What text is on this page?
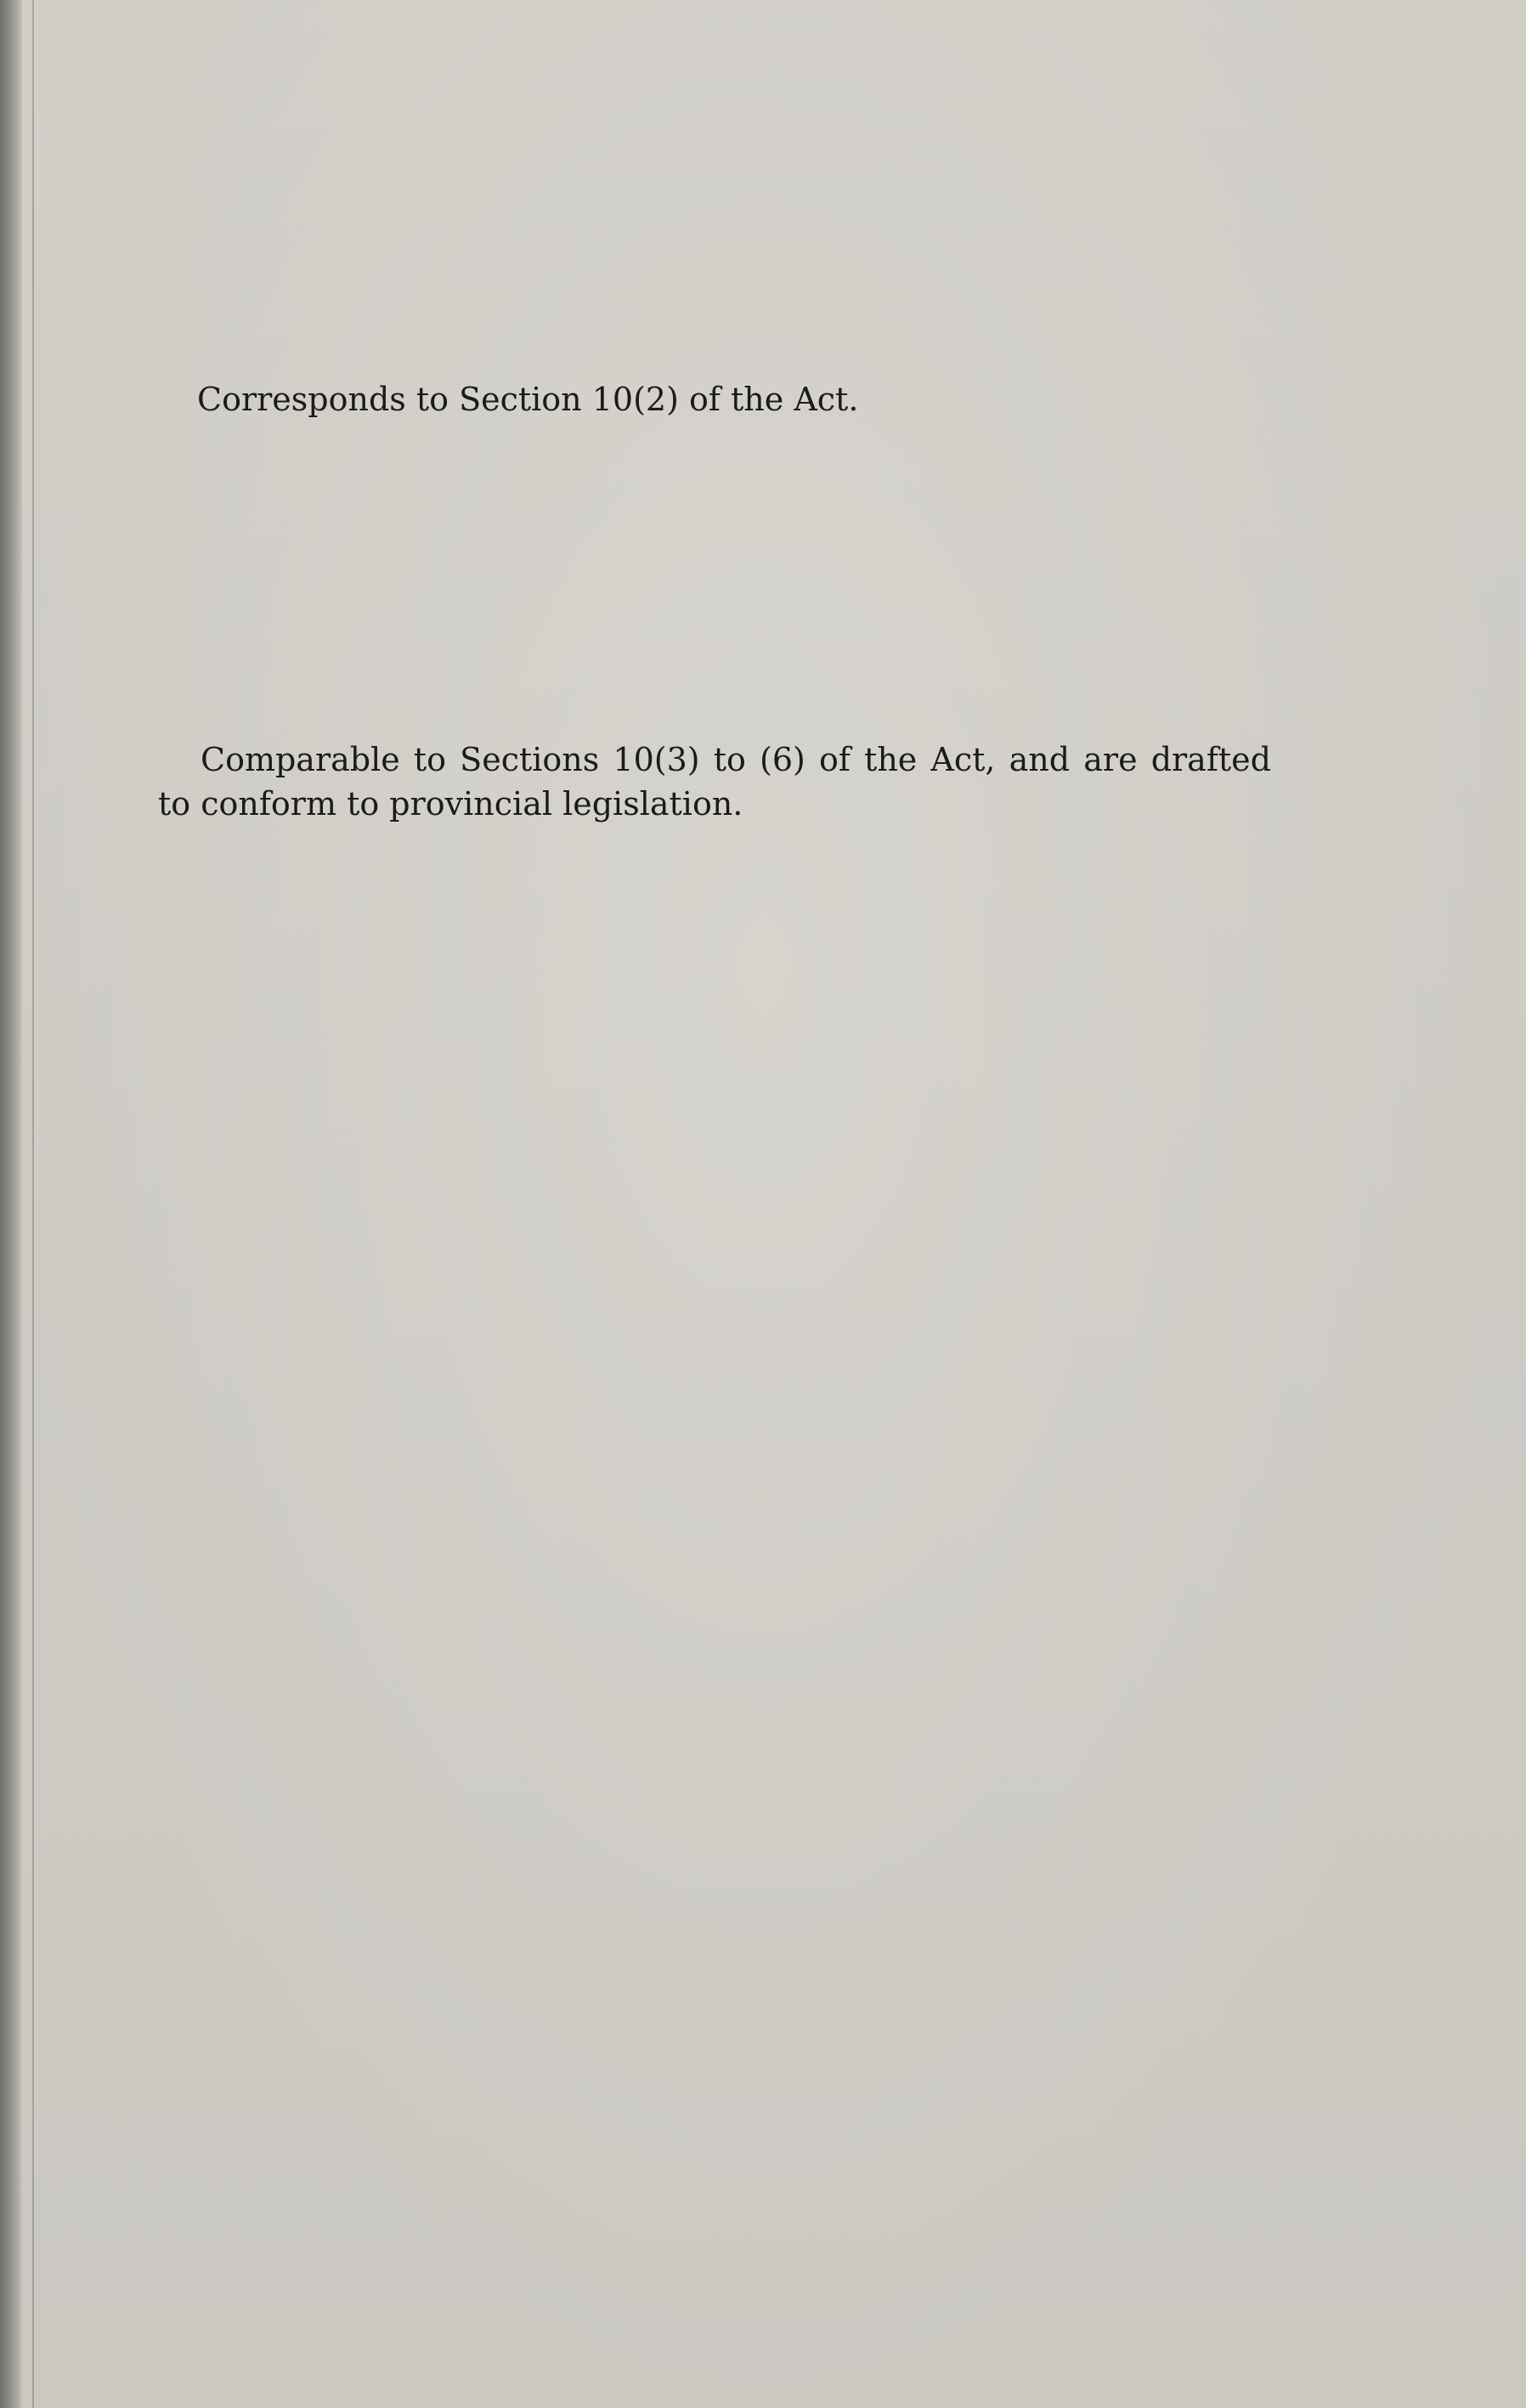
Corresponds to Section 10(2) of the Act.

Comparable to Sections 10(3) to (6) of the Act, and are drafted to conform to provincial legislation.
